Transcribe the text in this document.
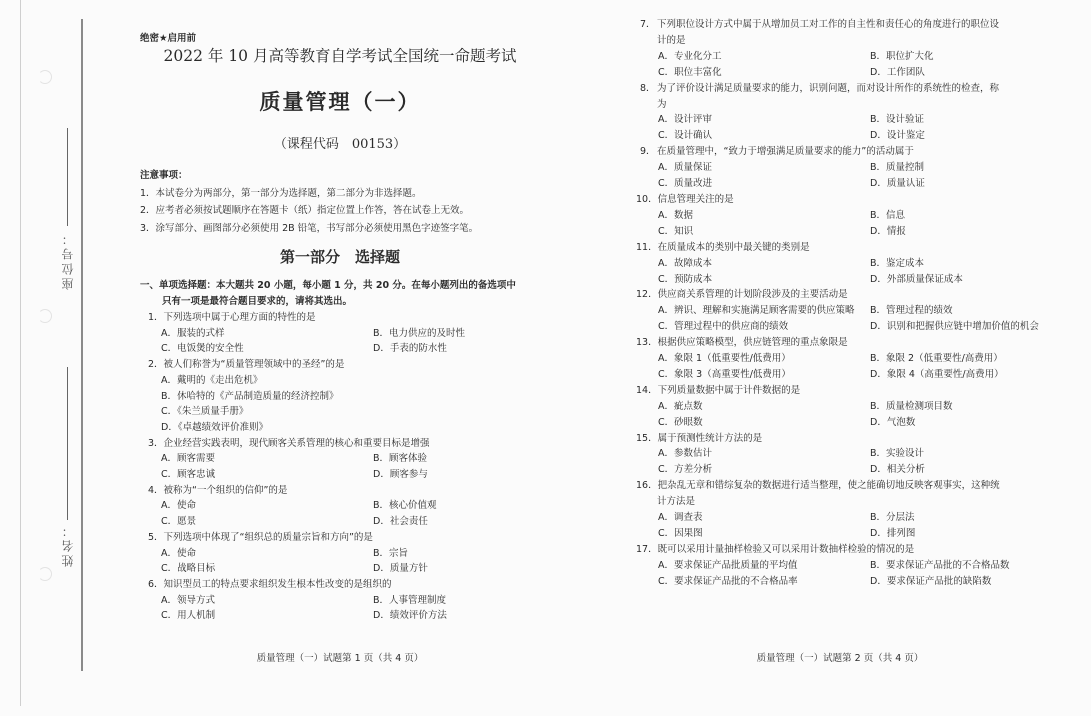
座位号：
姓名：
绝密★启用前
2022 年 10 月高等教育自学考试全国统一命题考试
质量管理（一）
（课程代码　00153）
注意事项：
1．本试卷分为两部分，第一部分为选择题，第二部分为非选择题。
2．应考者必须按试题顺序在答题卡（纸）指定位置上作答，答在试卷上无效。
3．涂写部分、画图部分必须使用 2B 铅笔，书写部分必须使用黑色字迹签字笔。
第一部分　选择题
一、单项选择题：本大题共 20 小题，每小题 1 分，共 20 分。在每小题列出的备选项中
只有一项是最符合题目要求的，请将其选出。
1．下列选项中属于心理方面的特性的是
A．服装的式样	B．电力供应的及时性
C．电饭煲的安全性	D．手表的防水性
2．被人们称誉为“质量管理领域中的圣经”的是
A．戴明的《走出危机》
B．休哈特的《产品制造质量的经济控制》
C．《朱兰质量手册》
D．《卓越绩效评价准则》
3．企业经营实践表明，现代顾客关系管理的核心和重要目标是增强
A．顾客需要	B．顾客体验
C．顾客忠诚	D．顾客参与
4．被称为“一个组织的信仰”的是
A．使命	B．核心价值观
C．愿景	D．社会责任
5．下列选项中体现了“组织总的质量宗旨和方向”的是
A．使命	B．宗旨
C．战略目标	D．质量方针
6．知识型员工的特点要求组织发生根本性改变的是组织的
A．领导方式	B．人事管理制度
C．用人机制	D．绩效评价方法
质量管理（一）试题第 1 页（共 4 页）
7．下列职位设计方式中属于从增加员工对工作的自主性和责任心的角度进行的职位设
计的是
A．专业化分工	B．职位扩大化
C．职位丰富化	D．工作团队
8．为了评价设计满足质量要求的能力，识别问题，而对设计所作的系统性的检查，称
为
A．设计评审	B．设计验证
C．设计确认	D．设计鉴定
9．在质量管理中，“致力于增强满足质量要求的能力”的活动属于
A．质量保证	B．质量控制
C．质量改进	D．质量认证
10．信息管理关注的是
A．数据	B．信息
C．知识	D．情报
11．在质量成本的类别中最关键的类别是
A．故障成本	B．鉴定成本
C．预防成本	D．外部质量保证成本
12．供应商关系管理的计划阶段涉及的主要活动是
A．辨识、理解和实施满足顾客需要的供应策略	B．管理过程的绩效
C．管理过程中的供应商的绩效	D．识别和把握供应链中增加价值的机会
13．根据供应策略模型，供应链管理的重点象限是
A．象限 1（低重要性/低费用）	B．象限 2（低重要性/高费用）
C．象限 3（高重要性/低费用）	D．象限 4（高重要性/高费用）
14．下列质量数据中属于计件数据的是
A．疵点数	B．质量检测项目数
C．砂眼数	D．气泡数
15．属于预测性统计方法的是
A．参数估计	B．实验设计
C．方差分析	D．相关分析
16．把杂乱无章和错综复杂的数据进行适当整理，使之能确切地反映客观事实，这种统
计方法是
A．调查表	B．分层法
C．因果图	D．排列图
17．既可以采用计量抽样检验又可以采用计数抽样检验的情况的是
A．要求保证产品批质量的平均值	B．要求保证产品批的不合格品数
C．要求保证产品批的不合格品率	D．要求保证产品批的缺陷数
质量管理（一）试题第 2 页（共 4 页）
